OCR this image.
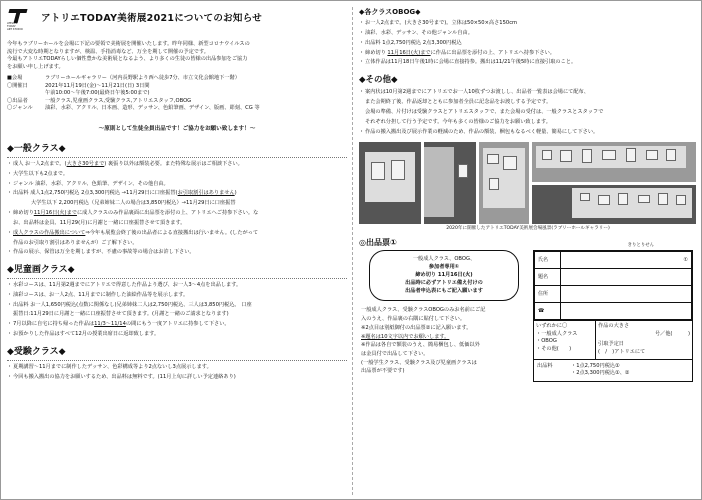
ATELIER
TODAY
ART STUDIO
アトリエTODAY美術展2021についてのお知らせ

今年もラブリーホールを会場に下記の要領で美術展を開催いたします。昨年同様、新型コロナウイルスの

流行で大変な時期となりますが、検温、手指消毒など、万全を期して開催の予定です。

今最もアトリエTODAYらしい個性豊かな美術展となるよう、より多くの生徒の皆様の出品参加をご協力

をお願い申し上げます。

■会場	ラブリーホールギャラリー（河内長野駅より西へ徒歩7分、市立文化会館地下一階）
〇開催日	2021年11月19日(金)～11月21日(日) 3日間
午前10:00～午後7:00(最終日午後5:00まで)
〇出品者	一般クラス,児童画クラス,受験クラス,アトリエスタッフ,OBOG
〇ジャンル	油彩、水彩、アクリル、日本画、造形、デッサン、色鉛筆画、デザイン、版画、彫刻、CG 等
～原則として生徒全員出品です！ご協力をお願い致します！～
◆一般クラス◆
・ 成人 お一人2点まで。(大きさ30号まで) 裏張り以外は額装必要。また特殊な展示はご相談下さい。
・ 大学生以下も2点まで。
・ ジャンル 油彩、水彩、アクリル、色鉛筆、デザイン、その他自由。
・ 出品料 成人1点2,750円税込 2点3,300円税込 →11月29日に口座振替(お引取割引はありません)
大学生以下 2,200円税込（兄弟姉妹二人の場合は3,850円税込）→11月29日に口座振替
・ 締め切り11月16日(火)までに成人クラスのみ作品裏面に出品票を添付の上、アトリエへご持参下さい。な
お、出品料は金具、11月29(月)に月謝と一緒に口座振替させて頂きます。
・ 成人クラスの作品搬出について⇒今年も展覧会終了後の出品者による直接搬出は行いません。(したがって
作品のお引取り割引はありませんが）ご了解下さい。
・ 作品の展示、保管は万全を期しますが、不慮の事故等の場合はお許し下さい。
◆児童画クラス◆
・ 水彩コースは、11月第2週までにアトリエで得意した作品より選び、お一人3～4点を出品します。
・ 油彩コースは、お一人2点、11月までに制作した油絵作品等を展示します。
・ 出品料 お一人1,650円税込(点数に関係なし)兄弟姉妹二人は2,750円税込、三人は3,850円税込。 口座
振替日:11月29日に月謝と一緒に口座振替させて頂きます。(月謝と一緒のご請求となります)
・ 7月以降に自宅に持ち帰った作品は11/3～11/14の間にもう一度アトリエに持参して下さい。
・ お預かりした作品はすべて12月の授業出席日に返却致します。
◆受験クラス◆
・ 夏期講習～11月までに制作したデッサン、色彩構成等より2点ないし3点展示します。
・ 今回も搬入搬出の協力をお願いするため、出品料は無料です。(11月上旬に詳しい予定連絡あり)
◆各クラスOBOG◆
・ お一人2点まで。(大きさ30号まで)。立体は50×50×高さ150cm
・ 油彩、水彩、デッサン、その他ジャンル自由。
・ 出品料 1点2,750円税込 2点3,300円税込
・ 締め切り 11月16日(火)までに作品に出品票を添付の上、アトリエへ持参下さい。
・ 立体作品は11月18日午後1時に会場に直接持参。搬出は11/21午後5時に直接引取のこと。
◆その他◆
・ 案内状は10月第2週までにアトリエでお一人10枚ずつお渡しし、出品者一覧表は会場にて配布、
また会期終了後、作品返却とともに参加者全員に記念品をお渡しする予定です。
会場の準備、片付けは受験クラスとアトリエスタッフで、また会場の受付は、一般クラスとスタッフで
それぞれ分担して行う予定です。今年も多くの皆様のご協力をお願い致します。
・ 作品の搬入搬出及び展示作業の軽減のため、作品の額装、梱包もなるべく軽量、簡易にして下さい。
2020年に開催したアトリエTODAY美術展会場風景(ラブリーホールギャラリー)
◎出品票①
一般成人クラス、OBOG、
参加者専用①
締め切り 11月16日(火)
出品時に必ずアトリエ備え付けの
出品者申込表にもご記入願います

一般成人クラス、受験クラスOBOGのみお名前にご記

入のうえ、作品裏の右隅に貼付して下さい。

※2点目は別紙御付の出品票②に記入願います。

※題名は10文字以内でお願いします。

※作品は各自で額装のうえ、簡易梱包し、低価以外

は金具付で出品して下さい。

(一般学生クラス、受験クラス及び児童画クラスは

出品票が不要です)

きりとりせん
氏名	①
題名	
住所	
☎	
いずれかに〇
・一般成人クラス
・OBOG
・その他(　　)
作品の大きさ
号／他(　　　)
引取予定日
(　/　)アトリエにて
出品料	・1点2,750円税込①
・2点3,300円税込①、②
